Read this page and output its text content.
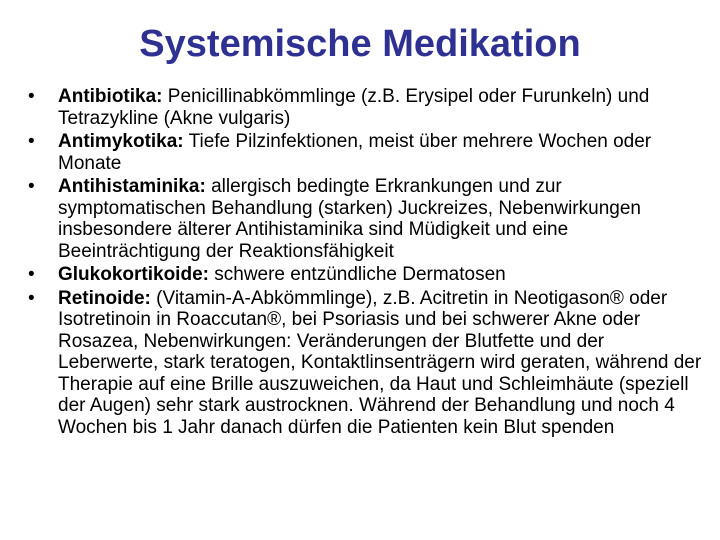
Systemische Medikation
•	Antibiotika: Penicillinabkömmlinge (z.B. Erysipel oder Furunkeln) und Tetrazykline (Akne vulgaris)
•	Antimykotika: Tiefe Pilzinfektionen, meist über mehrere Wochen oder Monate
•	Antihistaminika: allergisch bedingte Erkrankungen und zur symptomatischen Behandlung (starken) Juckreizes, Nebenwirkungen insbesondere älterer Antihistaminika sind Müdigkeit und eine Beeinträchtigung der Reaktionsfähigkeit
•	Glukokortikoide: schwere entzündliche Dermatosen
•	Retinoide: (Vitamin-A-Abkömmlinge), z.B. Acitretin in Neotigason® oder Isotretinoin in Roaccutan®, bei Psoriasis und bei schwerer Akne oder Rosazea, Nebenwirkungen: Veränderungen der Blutfette und der Leberwerte, stark teratogen, Kontaktlinsenträgern wird geraten, während der Therapie auf eine Brille auszuweichen, da Haut und Schleimhäute (speziell der Augen) sehr stark austrocknen. Während der Behandlung und noch 4 Wochen bis 1 Jahr danach dürfen die Patienten kein Blut spenden
